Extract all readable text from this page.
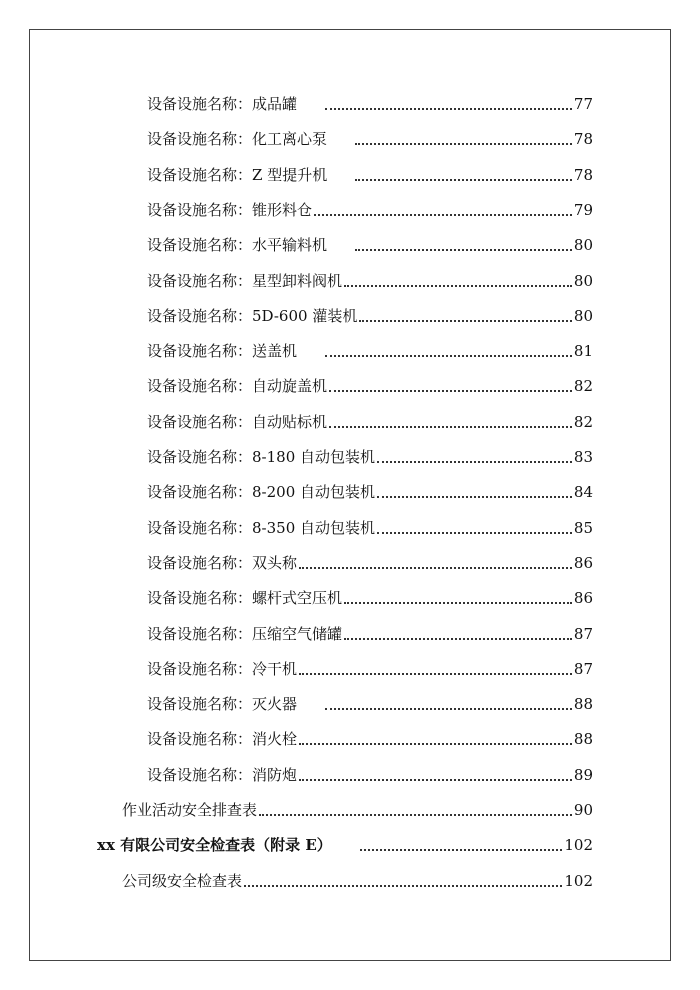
设备设施名称：成品罐	77
设备设施名称：化工离心泵	78
设备设施名称：Z 型提升机	78
设备设施名称：锥形料仓	79
设备设施名称：水平输料机	80
设备设施名称：星型卸料阀机	80
设备设施名称：5D-600 灌装机	80
设备设施名称：送盖机	81
设备设施名称：自动旋盖机	82
设备设施名称：自动贴标机	82
设备设施名称：8-180 自动包装机	83
设备设施名称：8-200 自动包装机	84
设备设施名称：8-350 自动包装机	85
设备设施名称：双头称	86
设备设施名称：螺杆式空压机	86
设备设施名称：压缩空气储罐	87
设备设施名称：冷干机	87
设备设施名称：灭火器	88
设备设施名称：消火栓	88
设备设施名称：消防炮	89
作业活动安全排查表	90
xx 有限公司安全检查表（附录 E）	102
公司级安全检查表	102
